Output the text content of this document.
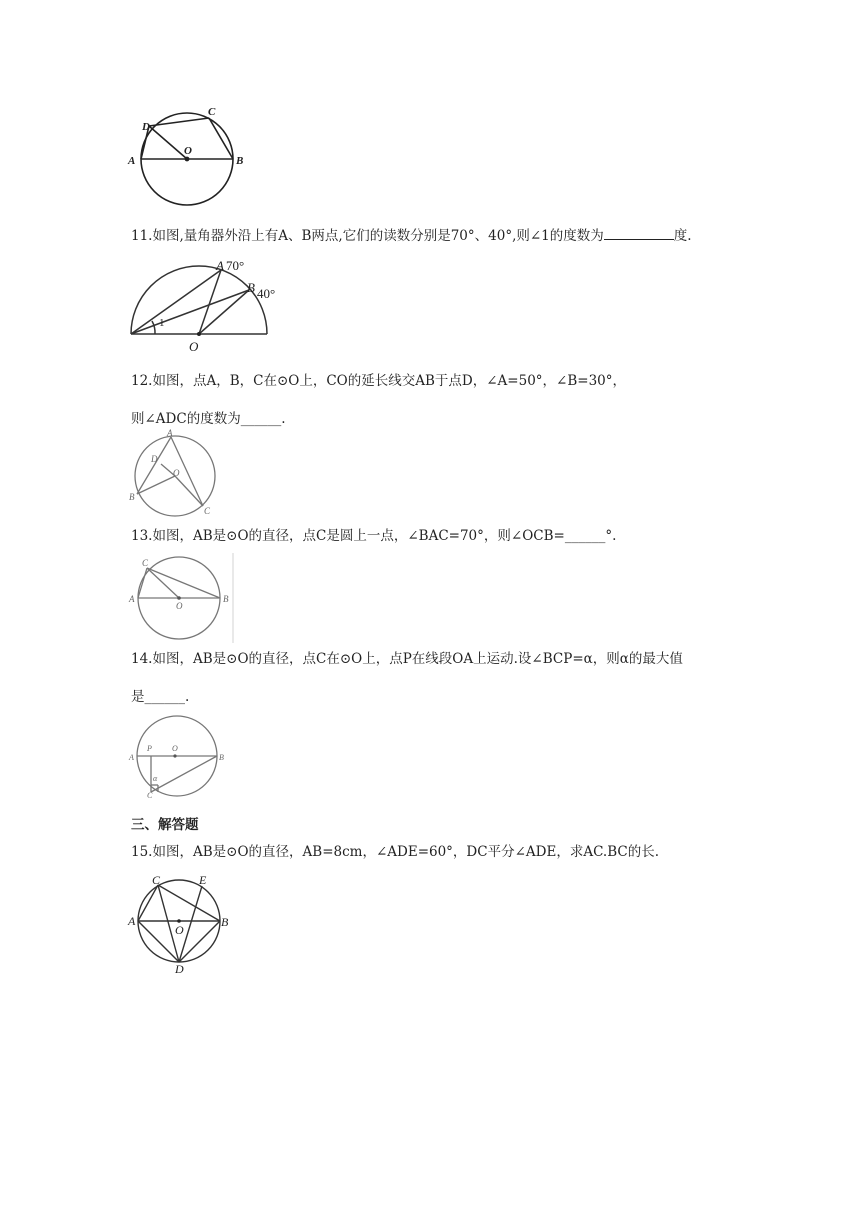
A	B
C
D
O
11.如图,量角器外沿上有A、B两点,它们的读数分别是70°、40°,则∠1的度数为	度.
A 70°
B 40°
1
O
12.如图，点A，B，C在⊙O上，CO的延长线交AB于点D，∠A=50°，∠B=30°，
则∠ADC的度数为______.
A
B
C
D
O
13.如图，AB是⊙O的直径，点C是圆上一点，∠BAC=70°，则∠OCB=______°.
A	B
C
O
14.如图，AB是⊙O的直径，点C在⊙O上，点P在线段OA上运动.设∠BCP=α，则α的最大值
是______.
A	B
P	O
α
C
三、解答题
15.如图，AB是⊙O的直径，AB=8cm，∠ADE=60°，DC平分∠ADE，求AC.BC的长.
A	B
C
D
E
O
